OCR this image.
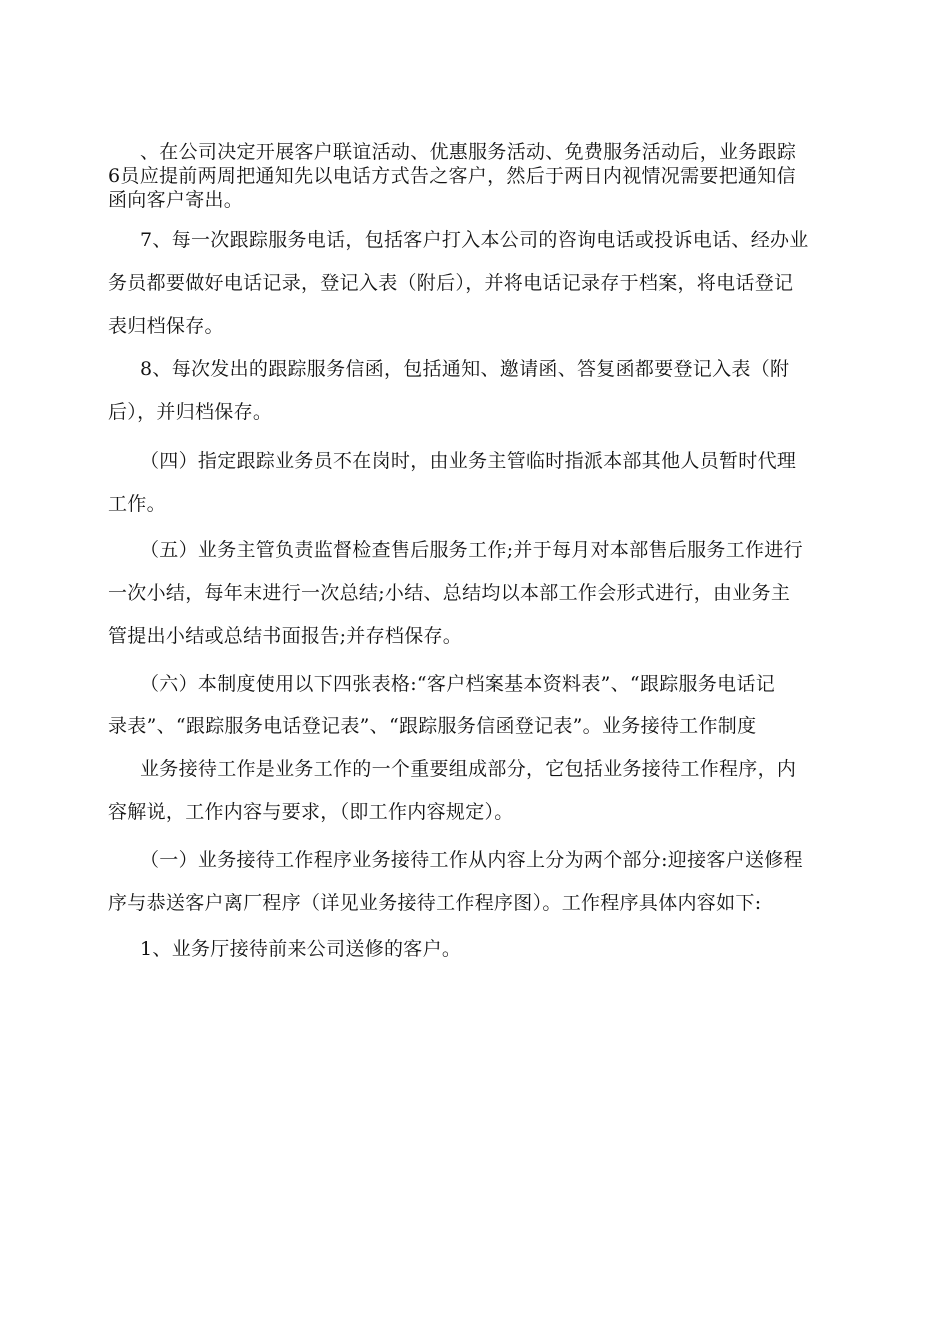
、在公司决定开展客户联谊活动、优惠服务活动、免费服务活动后，业务跟踪
6员应提前两周把通知先以电话方式告之客户，然后于两日内视情况需要把通知信
函向客户寄出。
7、每一次跟踪服务电话，包括客户打入本公司的咨询电话或投诉电话、经办业
务员都要做好电话记录，登记入表（附后），并将电话记录存于档案，将电话登记
表归档保存。
8、每次发出的跟踪服务信函，包括通知、邀请函、答复函都要登记入表（附
后），并归档保存。
（四）指定跟踪业务员不在岗时，由业务主管临时指派本部其他人员暂时代理
工作。
（五）业务主管负责监督检查售后服务工作;并于每月对本部售后服务工作进行
一次小结，每年末进行一次总结;小结、总结均以本部工作会形式进行，由业务主
管提出小结或总结书面报告;并存档保存。
（六）本制度使用以下四张表格:“客户档案基本资料表”、“跟踪服务电话记
录表”、“跟踪服务电话登记表”、“跟踪服务信函登记表”。业务接待工作制度
业务接待工作是业务工作的一个重要组成部分，它包括业务接待工作程序，内
容解说，工作内容与要求，（即工作内容规定）。
（一）业务接待工作程序业务接待工作从内容上分为两个部分:迎接客户送修程
序与恭送客户离厂程序（详见业务接待工作程序图）。工作程序具体内容如下:
1、业务厅接待前来公司送修的客户。
